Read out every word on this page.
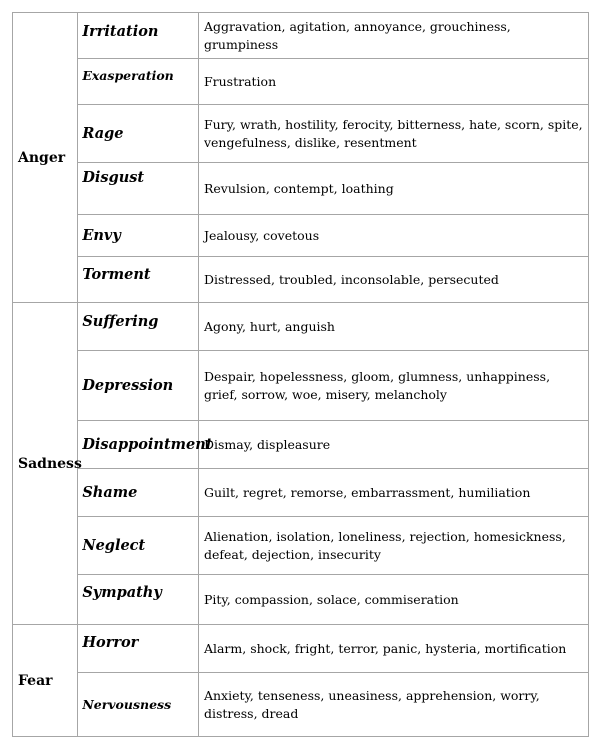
Anger	Irritation	Aggravation, agitation, annoyance, grouchiness, grumpiness
	Exasperation	Frustration
	Rage	Fury, wrath, hostility, ferocity, bitterness, hate, scorn, spite, vengefulness, dislike, resentment
	Disgust	Revulsion, contempt, loathing
	Envy	Jealousy, covetous
	Torment	Distressed, troubled, inconsolable, persecuted
Sadness	Suffering	Agony, hurt, anguish
	Depression	Despair, hopelessness, gloom, glumness, unhappiness, grief, sorrow, woe, misery, melancholy
	Disappointment	Dismay, displeasure
	Shame	Guilt, regret, remorse, embarrassment, humiliation
	Neglect	Alienation, isolation, loneliness, rejection, homesickness, defeat, dejection, insecurity
	Sympathy	Pity, compassion, solace, commiseration
Fear	Horror	Alarm, shock, fright, terror, panic, hysteria, mortification
	Nervousness	Anxiety, tenseness, uneasiness, apprehension, worry, distress, dread
